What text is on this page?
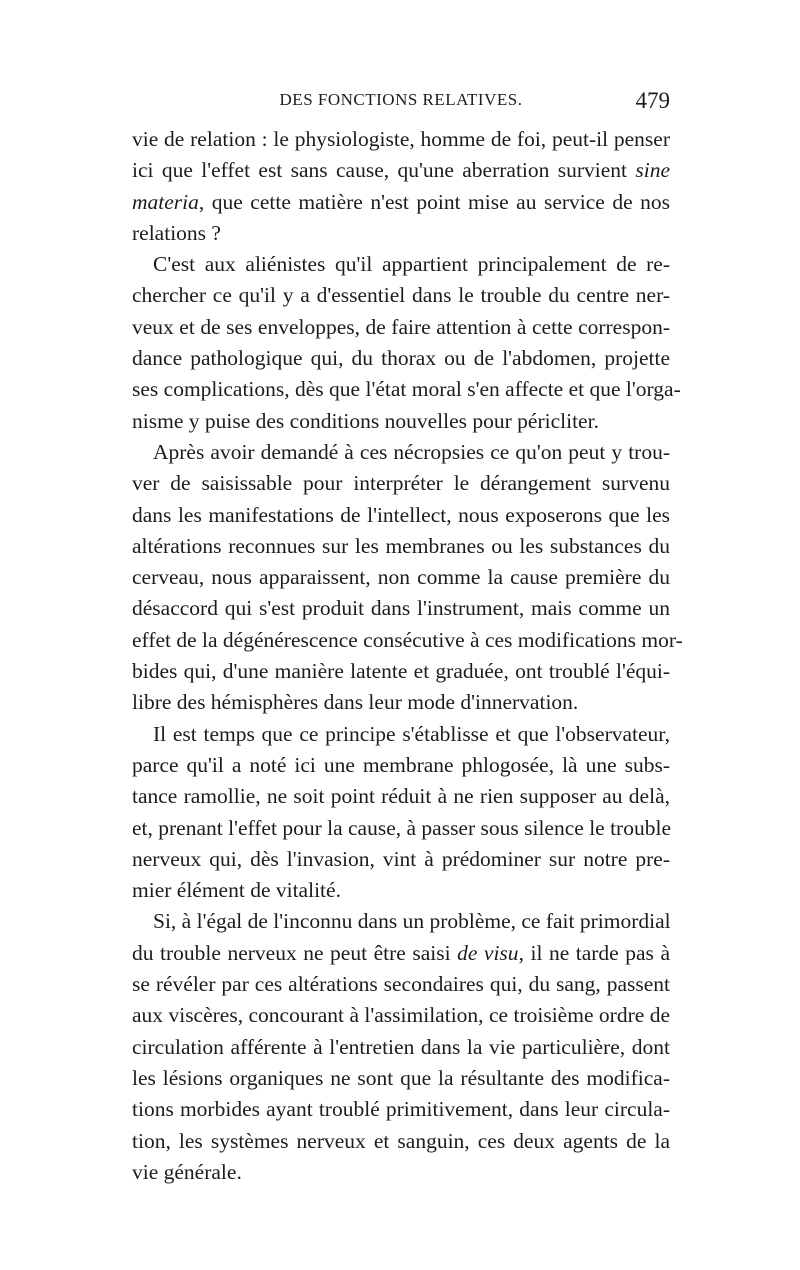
DES FONCTIONS RELATIVES.	479
vie de relation : le physiologiste, homme de foi, peut-il penser
ici que l'effet est sans cause, qu'une aberration survient sine
materia, que cette matière n'est point mise au service de nos
relations ?
C'est aux aliénistes qu'il appartient principalement de re-
chercher ce qu'il y a d'essentiel dans le trouble du centre ner-
veux et de ses enveloppes, de faire attention à cette correspon-
dance pathologique qui, du thorax ou de l'abdomen, projette
ses complications, dès que l'état moral s'en affecte et que l'orga-
nisme y puise des conditions nouvelles pour péricliter.
Après avoir demandé à ces nécropsies ce qu'on peut y trou-
ver de saisissable pour interpréter le dérangement survenu
dans les manifestations de l'intellect, nous exposerons que les
altérations reconnues sur les membranes ou les substances du
cerveau, nous apparaissent, non comme la cause première du
désaccord qui s'est produit dans l'instrument, mais comme un
effet de la dégénérescence consécutive à ces modifications mor-
bides qui, d'une manière latente et graduée, ont troublé l'équi-
libre des hémisphères dans leur mode d'innervation.
Il est temps que ce principe s'établisse et que l'observateur,
parce qu'il a noté ici une membrane phlogosée, là une subs-
tance ramollie, ne soit point réduit à ne rien supposer au delà,
et, prenant l'effet pour la cause, à passer sous silence le trouble
nerveux qui, dès l'invasion, vint à prédominer sur notre pre-
mier élément de vitalité.
Si, à l'égal de l'inconnu dans un problème, ce fait primordial
du trouble nerveux ne peut être saisi de visu, il ne tarde pas à
se révéler par ces altérations secondaires qui, du sang, passent
aux viscères, concourant à l'assimilation, ce troisième ordre de
circulation afférente à l'entretien dans la vie particulière, dont
les lésions organiques ne sont que la résultante des modifica-
tions morbides ayant troublé primitivement, dans leur circula-
tion, les systèmes nerveux et sanguin, ces deux agents de la
vie générale.
